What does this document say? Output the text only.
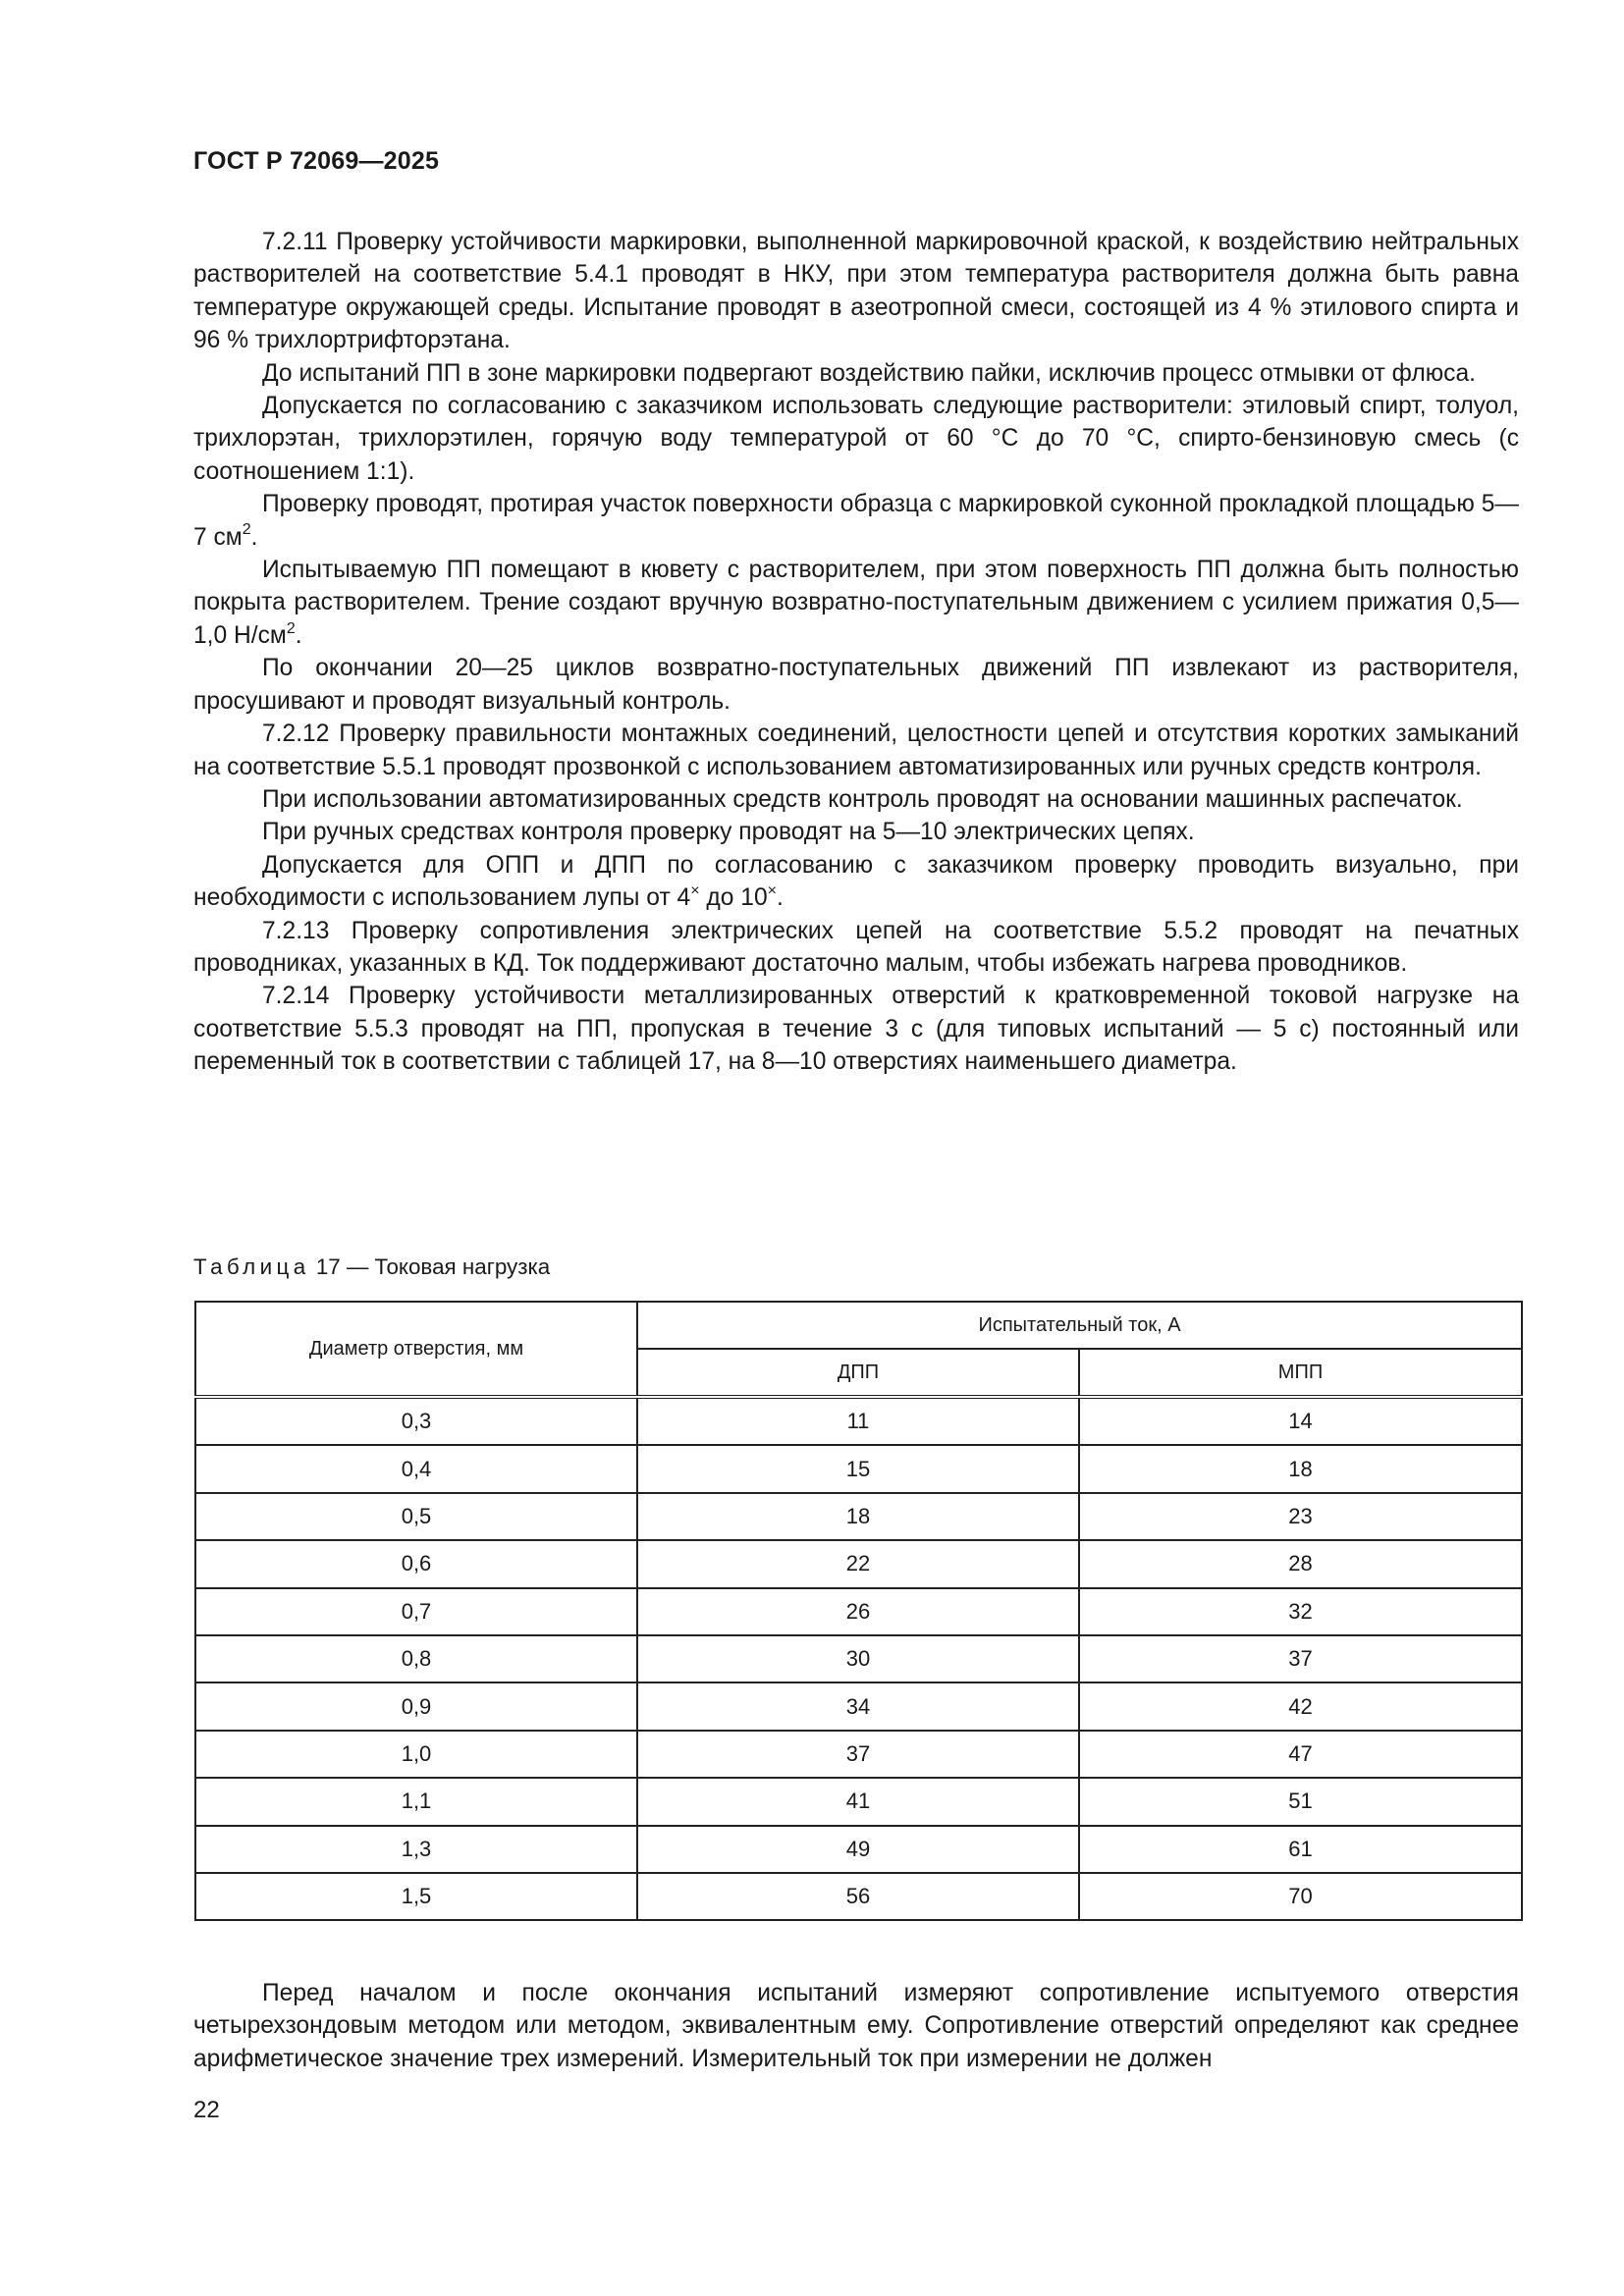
ГОСТ Р 72069—2025

7.2.11 Проверку устойчивости маркировки, выполненной маркировочной краской, к воздействию нейтральных растворителей на соответствие 5.4.1 проводят в НКУ, при этом температура растворителя должна быть равна температуре окружающей среды. Испытание проводят в азеотропной смеси, состоящей из 4 % этилового спирта и 96 % трихлортрифторэтана.

До испытаний ПП в зоне маркировки подвергают воздействию пайки, исключив процесс отмывки от флюса.

Допускается по согласованию с заказчиком использовать следующие растворители: этиловый спирт, толуол, трихлорэтан, трихлорэтилен, горячую воду температурой от 60 °С до 70 °С, спирто-бензиновую смесь (с соотношением 1:1).

Проверку проводят, протирая участок поверхности образца с маркировкой суконной прокладкой площадью 5—7 $см^2$.

Испытываемую ПП помещают в кювету с растворителем, при этом поверхность ПП должна быть полностью покрыта растворителем. Трение создают вручную возвратно-поступательным движением с усилием прижатия 0,5—1,0 $Н/см^2$.

По окончании 20—25 циклов возвратно-поступательных движений ПП извлекают из растворителя, просушивают и проводят визуальный контроль.

7.2.12 Проверку правильности монтажных соединений, целостности цепей и отсутствия коротких замыканий на соответствие 5.5.1 проводят прозвонкой с использованием автоматизированных или ручных средств контроля.

При использовании автоматизированных средств контроль проводят на основании машинных распечаток.

При ручных средствах контроля проверку проводят на 5—10 электрических цепях.

Допускается для ОПП и ДПП по согласованию с заказчиком проверку проводить визуально, при необходимости с использованием лупы от 4× до 10×.

7.2.13 Проверку сопротивления электрических цепей на соответствие 5.5.2 проводят на печатных проводниках, указанных в КД. Ток поддерживают достаточно малым, чтобы избежать нагрева проводников.

7.2.14 Проверку устойчивости металлизированных отверстий к кратковременной токовой нагрузке на соответствие 5.5.3 проводят на ПП, пропуская в течение 3 с (для типовых испытаний — 5 с) постоянный или переменный ток в соответствии с таблицей 17, на 8—10 отверстиях наименьшего диаметра.

Таблица 17 — Токовая нагрузка
Диаметр отверстия, мм	Испытательный ток, А	
	ДПП	МПП
0,3	11	14
0,4	15	18
0,5	18	23
0,6	22	28
0,7	26	32
0,8	30	37
0,9	34	42
1,0	37	47
1,1	41	51
1,3	49	61
1,5	56	70

Перед началом и после окончания испытаний измеряют сопротивление испытуемого отверстия четырехзондовым методом или методом, эквивалентным ему. Сопротивление отверстий определяют как среднее арифметическое значение трех измерений. Измерительный ток при измерении не должен

22
